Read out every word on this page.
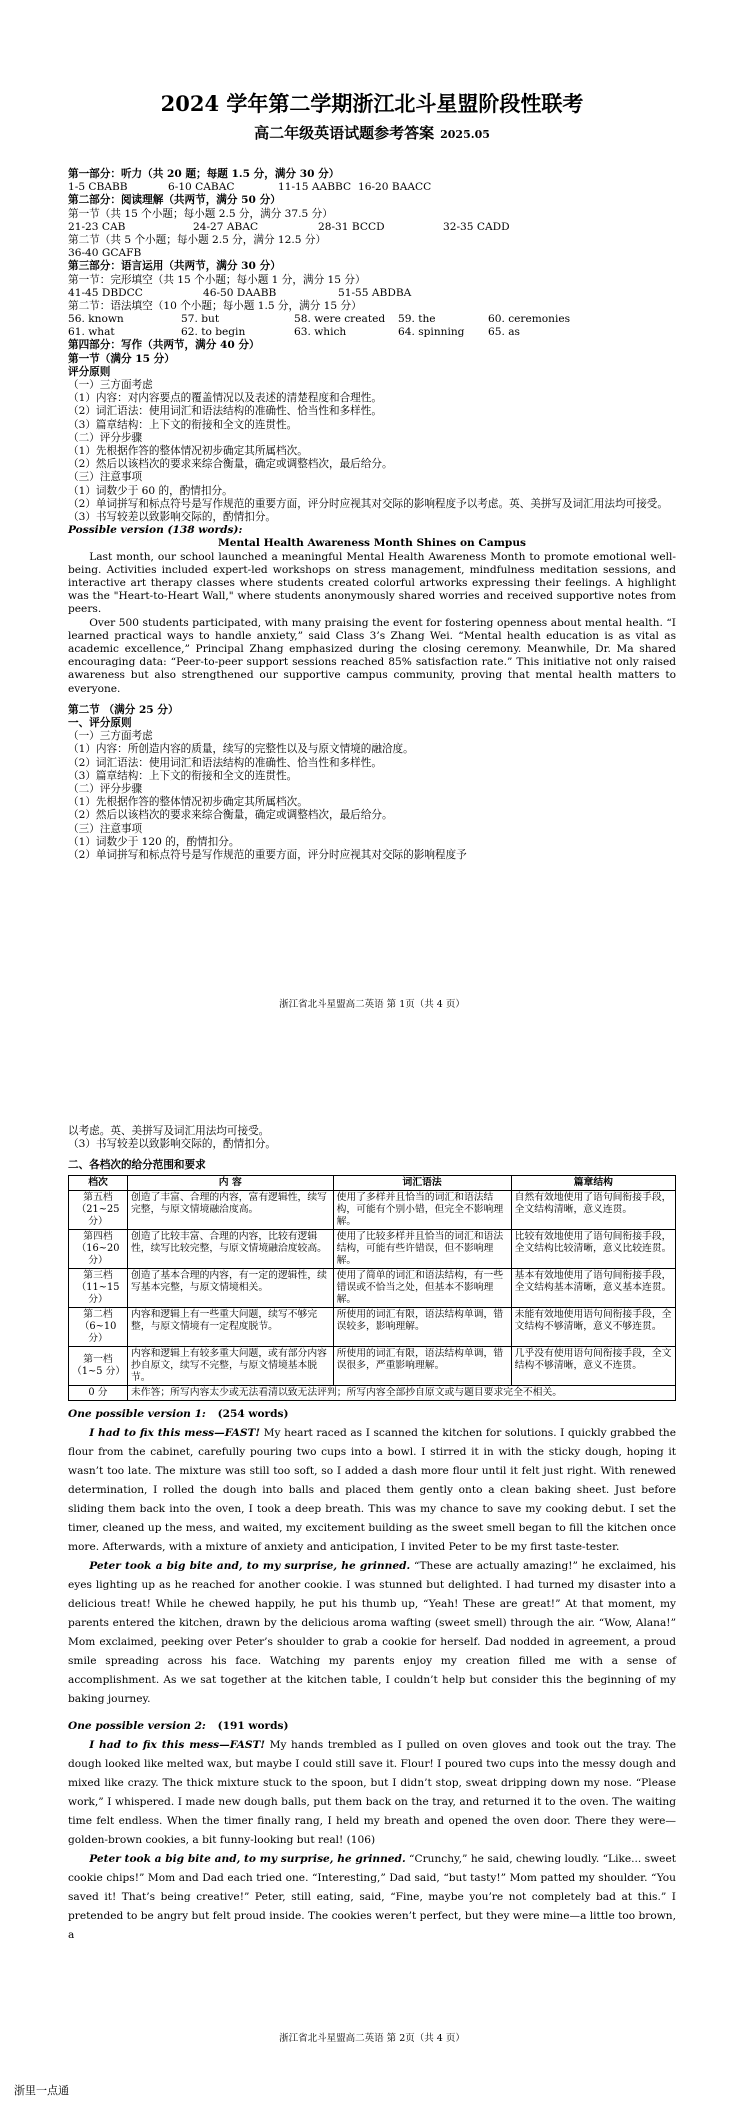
2024 学年第二学期浙江北斗星盟阶段性联考
高二年级英语试题参考答案 2025.05
第一部分：听力（共 20 题；每题 1.5 分，满分 30 分）
1-5 CBABB	6-10 CABAC	11-15 AABBC 16-20 BAACC
第二部分：阅读理解（共两节，满分 50 分）
第一节（共 15 个小题；每小题 2.5 分，满分 37.5 分）
21-23 CAB	24-27 ABAC	28-31 BCCD	32-35 CADD
第二节（共 5 个小题；每小题 2.5 分，满分 12.5 分）
36-40 GCAFB
第三部分：语言运用（共两节，满分 30 分）
第一节：完形填空（共 15 个小题；每小题 1 分，满分 15 分）
41-45 DBDCC	46-50 DAABB	51-55 ABDBA
第二节：语法填空（10 个小题；每小题 1.5 分，满分 15 分）
56. known	57. but	58. were created 59. the	60. ceremonies
61. what	62. to begin	63. which	64. spinning 65. as
第四部分：写作（共两节，满分 40 分）
第一节（满分 15 分）
评分原则
（一）三方面考虑
（1）内容：对内容要点的覆盖情况以及表述的清楚程度和合理性。
（2）词汇语法：使用词汇和语法结构的准确性、恰当性和多样性。
（3）篇章结构：上下文的衔接和全文的连贯性。
（二）评分步骤
（1）先根据作答的整体情况初步确定其所属档次。
（2）然后以该档次的要求来综合衡量，确定或调整档次，最后给分。
（三）注意事项
（1）词数少于 60 的，酌情扣分。
（2）单词拼写和标点符号是写作规范的重要方面，评分时应视其对交际的影响程度予以考虑。英、美拼写及词汇用法均可接受。
（3）书写较差以致影响交际的，酌情扣分。
Possible version (138 words):
Mental Health Awareness Month Shines on Campus
Last month, our school launched a meaningful Mental Health Awareness Month to promote emotional well-being. Activities included expert-led workshops on stress management, mindfulness meditation sessions, and interactive art therapy classes where students created colorful artworks expressing their feelings. A highlight was the "Heart-to-Heart Wall," where students anonymously shared worries and received supportive notes from peers.
Over 500 students participated, with many praising the event for fostering openness about mental health. “I learned practical ways to handle anxiety,” said Class 3’s Zhang Wei. “Mental health education is as vital as academic excellence,” Principal Zhang emphasized during the closing ceremony. Meanwhile, Dr. Ma shared encouraging data: “Peer-to-peer support sessions reached 85% satisfaction rate.” This initiative not only raised awareness but also strengthened our supportive campus community, proving that mental health matters to everyone.
第二节 （满分 25 分）
一、评分原则
（一）三方面考虑
（1）内容：所创造内容的质量，续写的完整性以及与原文情境的融洽度。
（2）词汇语法：使用词汇和语法结构的准确性、恰当性和多样性。
（3）篇章结构：上下文的衔接和全文的连贯性。
（二）评分步骤
（1）先根据作答的整体情况初步确定其所属档次。
（2）然后以该档次的要求来综合衡量，确定或调整档次，最后给分。
（三）注意事项
（1）词数少于 120 的，酌情扣分。
（2）单词拼写和标点符号是写作规范的重要方面，评分时应视其对交际的影响程度予
浙江省北斗星盟高二英语 第 1页（共 4 页）
以考虑。英、美拼写及词汇用法均可接受。
（3）书写较差以致影响交际的，酌情扣分。
二、各档次的给分范围和要求
档次	内 容	词汇语法	篇章结构
第五档（21~25 分）	创造了丰富、合理的内容，富有逻辑性，续写完整，与原文情境融洽度高。	使用了多样并且恰当的词汇和语法结构，可能有个别小错，但完全不影响理解。	自然有效地使用了语句间衔接手段，全文结构清晰，意义连贯。
第四档（16~20 分）	创造了比较丰富、合理的内容，比较有逻辑性，续写比较完整，与原文情境融洽度较高。	使用了比较多样并且恰当的词汇和语法结构，可能有些许错误，但不影响理解。	比较有效地使用了语句间衔接手段，全文结构比较清晰，意义比较连贯。
第三档（11~15 分）	创造了基本合理的内容，有一定的逻辑性，续写基本完整，与原文情境相关。	使用了简单的词汇和语法结构，有一些错误或不恰当之处，但基本不影响理解。	基本有效地使用了语句间衔接手段，全文结构基本清晰，意义基本连贯。
第二档（6~10 分）	内容和逻辑上有一些重大问题，续写不够完整，与原文情境有一定程度脱节。	所使用的词汇有限，语法结构单调，错误较多，影响理解。	未能有效地使用语句间衔接手段，全文结构不够清晰，意义不够连贯。
第一档（1~5 分）	内容和逻辑上有较多重大问题，或有部分内容抄自原文，续写不完整，与原文情境基本脱节。	所使用的词汇有限，语法结构单调，错误很多，严重影响理解。	几乎没有使用语句间衔接手段，全文结构不够清晰，意义不连贯。
0 分	未作答；所写内容太少或无法看清以致无法评判；所写内容全部抄自原文或与题目要求完全不相关。		
One possible version 1: (254 words)
I had to fix this mess—FAST! My heart raced as I scanned the kitchen for solutions. I quickly grabbed the flour from the cabinet, carefully pouring two cups into a bowl. I stirred it in with the sticky dough, hoping it wasn’t too late. The mixture was still too soft, so I added a dash more flour until it felt just right. With renewed determination, I rolled the dough into balls and placed them gently onto a clean baking sheet. Just before sliding them back into the oven, I took a deep breath. This was my chance to save my cooking debut. I set the timer, cleaned up the mess, and waited, my excitement building as the sweet smell began to fill the kitchen once more. Afterwards, with a mixture of anxiety and anticipation, I invited Peter to be my first taste-tester.
Peter took a big bite and, to my surprise, he grinned. “These are actually amazing!” he exclaimed, his eyes lighting up as he reached for another cookie. I was stunned but delighted. I had turned my disaster into a delicious treat! While he chewed happily, he put his thumb up, “Yeah! These are great!” At that moment, my parents entered the kitchen, drawn by the delicious aroma wafting (sweet smell) through the air. “Wow, Alana!” Mom exclaimed, peeking over Peter’s shoulder to grab a cookie for herself. Dad nodded in agreement, a proud smile spreading across his face. Watching my parents enjoy my creation filled me with a sense of accomplishment. As we sat together at the kitchen table, I couldn’t help but consider this the beginning of my baking journey.
One possible version 2: (191 words)
I had to fix this mess—FAST! My hands trembled as I pulled on oven gloves and took out the tray. The dough looked like melted wax, but maybe I could still save it. Flour! I poured two cups into the messy dough and mixed like crazy. The thick mixture stuck to the spoon, but I didn’t stop, sweat dripping down my nose. “Please work,” I whispered. I made new dough balls, put them back on the tray, and returned it to the oven. The waiting time felt endless. When the timer finally rang, I held my breath and opened the oven door. There they were—golden-brown cookies, a bit funny-looking but real! (106)
Peter took a big bite and, to my surprise, he grinned. “Crunchy,” he said, chewing loudly. “Like... sweet cookie chips!” Mom and Dad each tried one. “Interesting,” Dad said, “but tasty!” Mom patted my shoulder. “You saved it! That’s being creative!” Peter, still eating, said, “Fine, maybe you’re not completely bad at this.” I pretended to be angry but felt proud inside. The cookies weren’t perfect, but they were mine—a little too brown, a
浙江省北斗星盟高二英语 第 2页（共 4 页）
浙里一点通
